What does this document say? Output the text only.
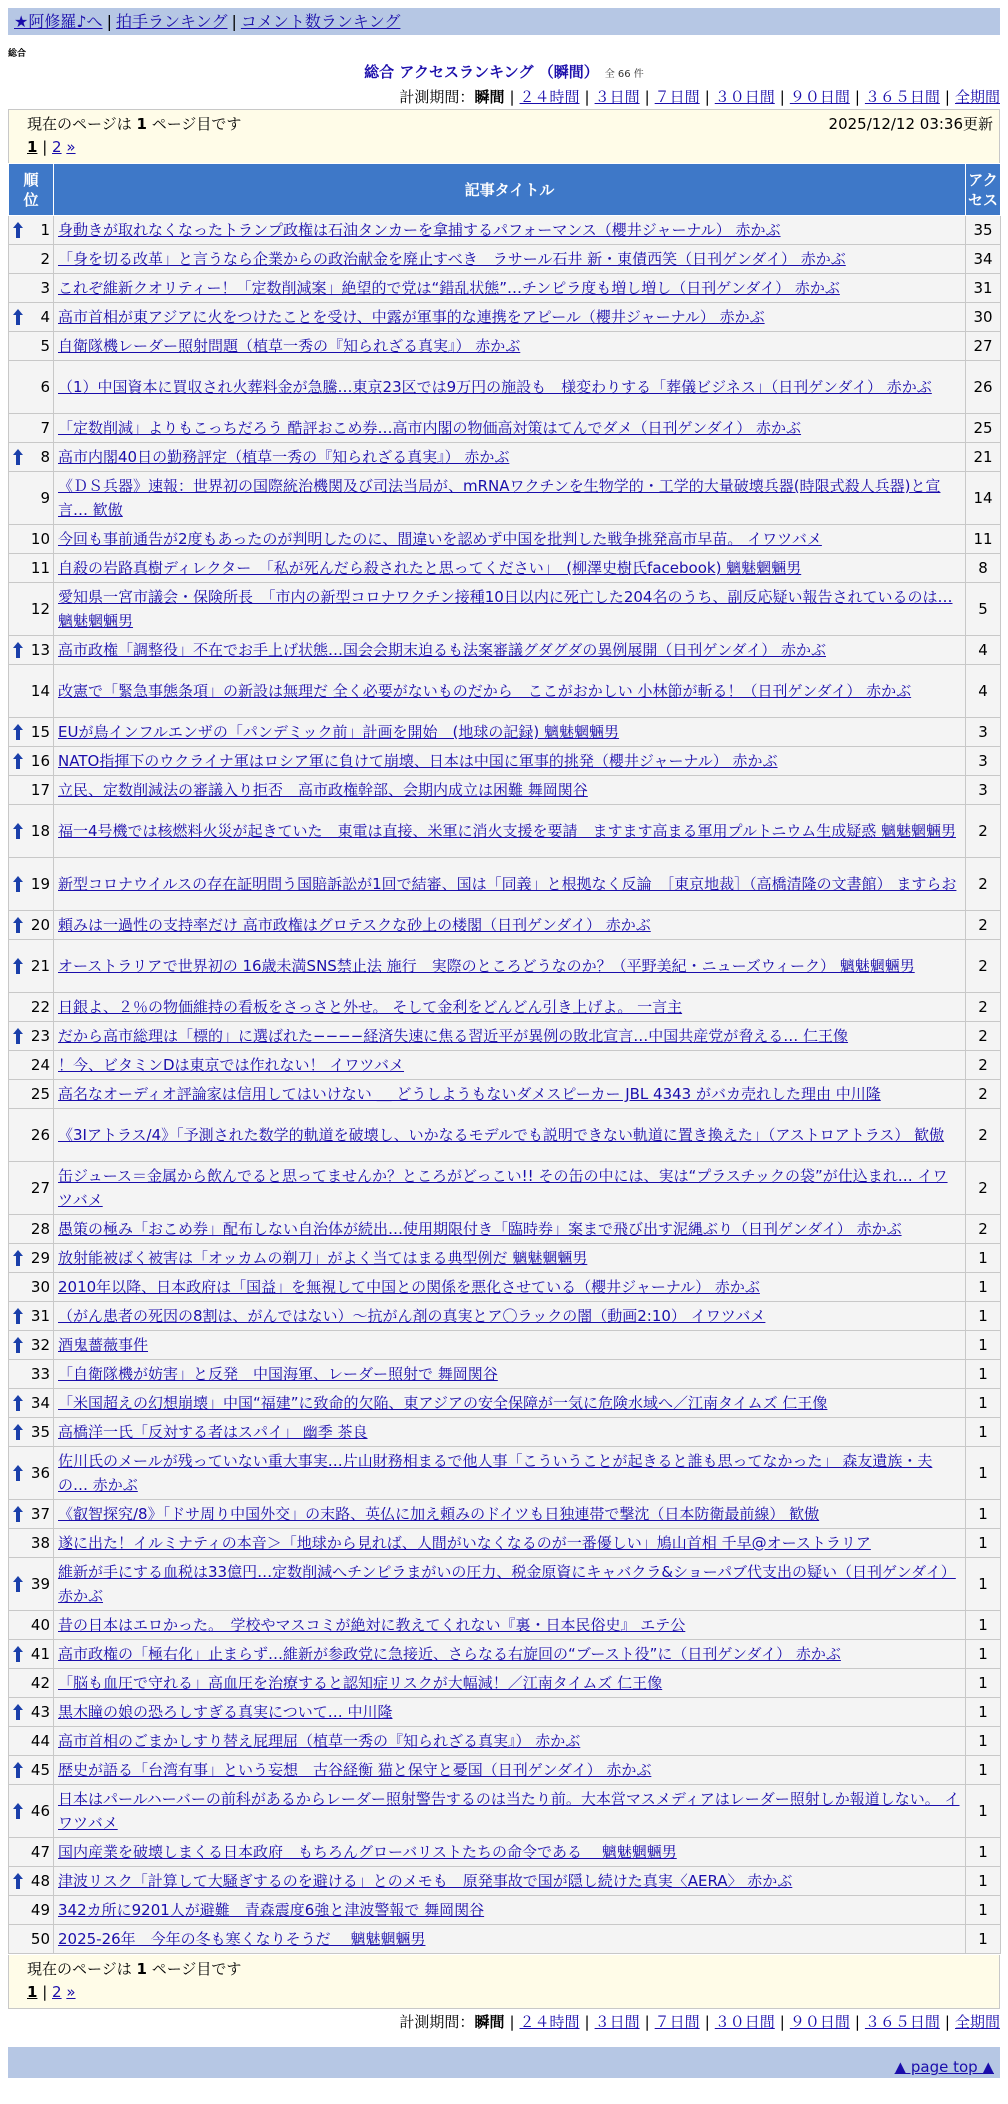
★阿修羅♪へ | 拍手ランキング | コメント数ランキング
総合
総合 アクセスランキング （瞬間） 全 66 件
計測期間：瞬間 | ２４時間 | ３日間 | ７日間 | ３０日間 | ９０日間 | ３６５日間 | 全期間
現在のページは 1 ページ目です	2025/12/12 03:36更新
1 | 2 »
順位	記事タイトル	アクセス

1	身動きが取れなくなったトランプ政権は石油タンカーを拿捕するパフォーマンス（櫻井ジャーナル） 赤かぶ	35
2	「身を切る改革」と言うなら企業からの政治献金を廃止すべき　ラサール石井 新・東債西笑（日刊ゲンダイ） 赤かぶ	34
3	これぞ維新クオリティー！「定数削減案」絶望的で党は“錯乱状態”…チンピラ度も増し増し（日刊ゲンダイ） 赤かぶ	31

4	高市首相が東アジアに火をつけたことを受け、中露が軍事的な連携をアピール（櫻井ジャーナル） 赤かぶ	30
5	自衛隊機レーダー照射問題（植草一秀の『知られざる真実』） 赤かぶ	27
6	（1）中国資本に買収され火葬料金が急騰…東京23区では9万円の施設も　様変わりする「葬儀ビジネス」（日刊ゲンダイ） 赤かぶ	26
7	「定数削減」よりもこっちだろう 酷評おこめ券…高市内閣の物価高対策はてんでダメ（日刊ゲンダイ） 赤かぶ	25

8	高市内閣40日の勤務評定（植草一秀の『知られざる真実』） 赤かぶ	21
9	《ＤＳ兵器》速報：世界初の国際統治機関及び司法当局が、mRNAワクチンを生物学的・工学的大量破壊兵器(時限式殺人兵器)と宣言… 歓傲	14
10	今回も事前通告が2度もあったのが判明したのに、間違いを認めず中国を批判した戦争挑発高市早苗。 イワツバメ	11
11	自殺の岩路真樹ディレクター　「私が死んだら殺されたと思ってください」　(柳澤史樹氏facebook) 魑魅魍魎男	8
12	愛知県一宮市議会・保険所長　「市内の新型コロナワクチン接種10日以内に死亡した204名のうち、副反応疑い報告されているのは… 魑魅魍魎男	5

13	高市政権「調整役」不在でお手上げ状態…国会会期末迫るも法案審議グダグダの異例展開（日刊ゲンダイ） 赤かぶ	4
14	改憲で「緊急事態条項」の新設は無理だ 全く必要がないものだから　ここがおかしい 小林節が斬る！（日刊ゲンダイ） 赤かぶ	4

15	EUが鳥インフルエンザの「パンデミック前」計画を開始　(地球の記録) 魑魅魍魎男	3

16	NATO指揮下のウクライナ軍はロシア軍に負けて崩壊、日本は中国に軍事的挑発（櫻井ジャーナル） 赤かぶ	3
17	立民、定数削減法の審議入り拒否　高市政権幹部、会期内成立は困難 舞岡関谷	3

18	福一4号機では核燃料火災が起きていた　東電は直接、米軍に消火支援を要請　ますます高まる軍用プルトニウム生成疑惑 魑魅魍魎男	2

19	新型コロナウイルスの存在証明問う国賠訴訟が1回で結審、国は「同義」と根拠なく反論　［東京地裁］（高橋清隆の文書館） ますらお	2

20	頼みは一過性の支持率だけ 高市政権はグロテスクな砂上の楼閣（日刊ゲンダイ） 赤かぶ	2

21	オーストラリアで世界初の 16歳未満SNS禁止法 施行　実際のところどうなのか？（平野美紀・ニューズウィーク） 魑魅魍魎男	2
22	日銀よ、２％の物価維持の看板をさっさと外せ。 そして金利をどんどん引き上げよ。 一言主	2

23	だから高市総理は「標的」に選ばれた−−−−経済失速に焦る習近平が異例の敗北宣言…中国共産党が脅える… 仁王像	2
24	！今、ビタミンDは東京では作れない！ イワツバメ	2
25	高名なオーディオ評論家は信用してはいけない ＿ どうしようもないダメスピーカー JBL 4343 がバカ売れした理由 中川隆	2
26	《3Iアトラス/4》「予測された数学的軌道を破壊し、いかなるモデルでも説明できない軌道に置き換えた」（アストロアトラス） 歓傲	2
27	缶ジュース＝金属から飲んでると思ってませんか？ところがどっこい!! その缶の中には、実は“プラスチックの袋”が仕込まれ… イワツバメ	2
28	愚策の極み「おこめ券」配布しない自治体が続出…使用期限付き「臨時券」案まで飛び出す泥縄ぶり（日刊ゲンダイ） 赤かぶ	2

29	放射能被ばく被害は「オッカムの剃刀」がよく当てはまる典型例だ 魑魅魍魎男	1
30	2010年以降、日本政府は「国益」を無視して中国との関係を悪化させている（櫻井ジャーナル） 赤かぶ	1

31	（がん患者の死因の8割は、がんではない）〜抗がん剤の真実とア〇ラックの闇（動画2:10） イワツバメ	1

32	酒鬼薔薇事件	1
33	「自衛隊機が妨害」と反発　中国海軍、レーダー照射で 舞岡関谷	1

34	「米国超えの幻想崩壊」中国“福建”に致命的欠陥、東アジアの安全保障が一気に危険水域へ／江南タイムズ 仁王像	1

35	高橋洋一氏「反対する者はスパイ」 幽季 茶良	1

36	佐川氏のメールが残っていない重大事実…片山財務相まるで他人事「こういうことが起きると誰も思ってなかった」 森友遺族・夫の… 赤かぶ	1

37	《叡智探究/8》「ドサ周り中国外交」の末路、英仏に加え頼みのドイツも日独連帯で撃沈（日本防衛最前線） 歓傲	1
38	遂に出た！イルミナティの本音＞「地球から見れば、人間がいなくなるのが一番優しい」鳩山首相 千早@オーストラリア	1

39	維新が手にする血税は33億円…定数削減へチンピラまがいの圧力、税金原資にキャバクラ&ショーパブ代支出の疑い（日刊ゲンダイ） 赤かぶ	1
40	昔の日本はエロかった。　学校やマスコミが絶対に教えてくれない『裏・日本民俗史』 エテ公	1

41	高市政権の「極右化」止まらず…維新が参政党に急接近、さらなる右旋回の“ブースト役”に（日刊ゲンダイ） 赤かぶ	1
42	「脳も血圧で守れる」高血圧を治療すると認知症リスクが大幅減！／江南タイムズ 仁王像	1

43	黒木瞳の娘の恐ろしすぎる真実について… 中川隆	1
44	高市首相のごまかしすり替え屁理屈（植草一秀の『知られざる真実』） 赤かぶ	1

45	歴史が語る「台湾有事」という妄想　古谷経衡 猫と保守と憂国（日刊ゲンダイ） 赤かぶ	1

46	日本はパールハーバーの前科があるからレーダー照射警告するのは当たり前。大本営マスメディアはレーダー照射しか報道しない。 イワツバメ	1
47	国内産業を破壊しまくる日本政府　もちろんグローバリストたちの命令である　 魑魅魍魎男	1

48	津波リスク「計算して大騒ぎするのを避ける」とのメモも　原発事故で国が隠し続けた真実〈AERA〉 赤かぶ	1
49	342カ所に9201人が避難　青森震度6強と津波警報で 舞岡関谷	1
50	2025-26年　今年の冬も寒くなりそうだ　 魑魅魍魎男	1
現在のページは 1 ページ目です
1 | 2 »
計測期間：瞬間 | ２４時間 | ３日間 | ７日間 | ３０日間 | ９０日間 | ３６５日間 | 全期間
▲ page top ▲
